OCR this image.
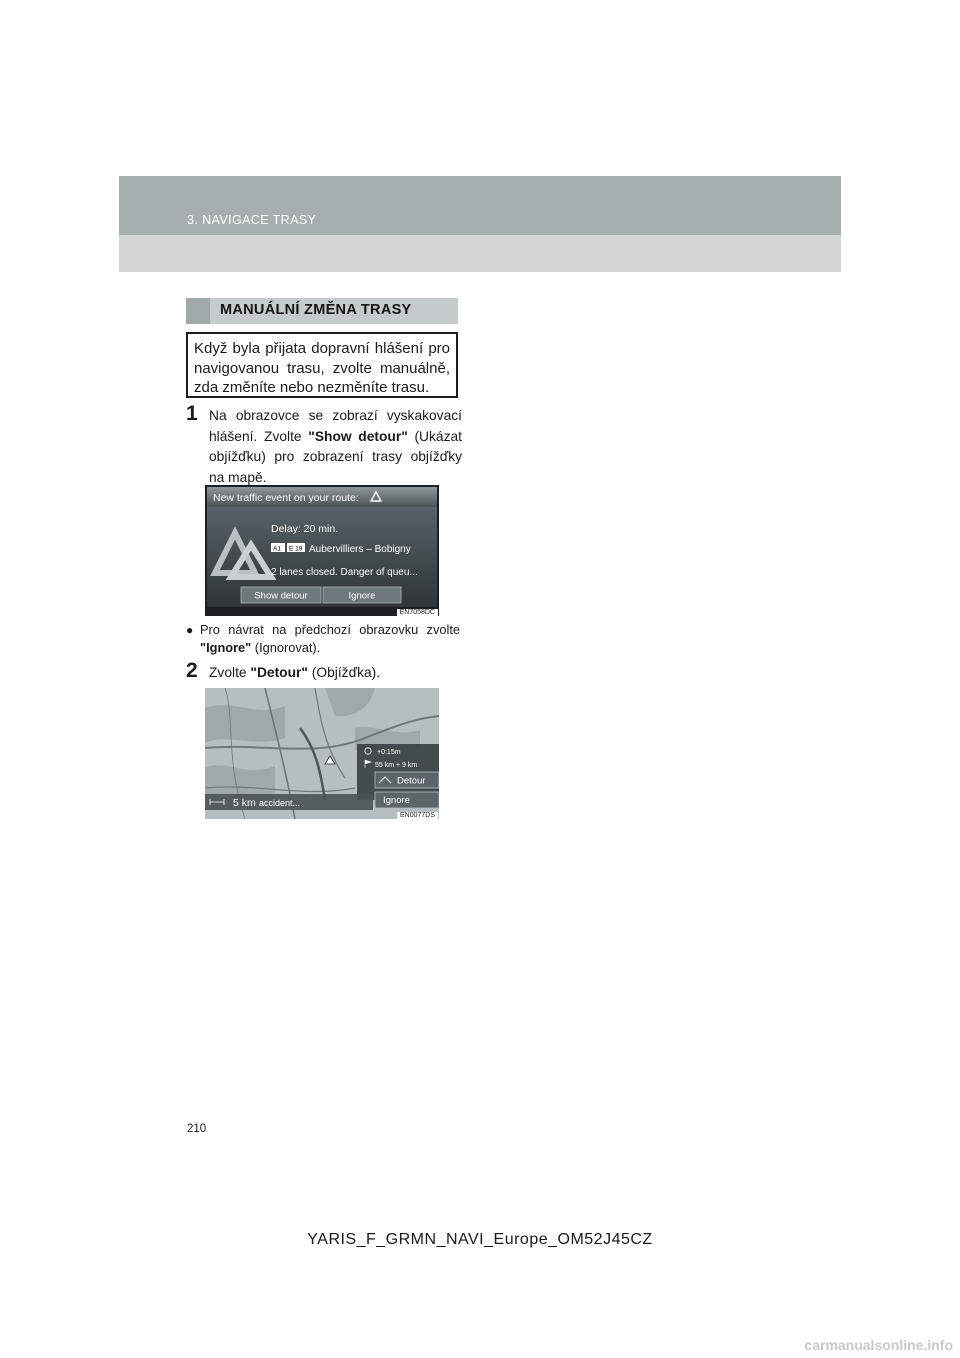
3. NAVIGACE TRASY
MANUÁLNÍ ZMĚNA TRASY

Když byla přijata dopravní hlášení pro navigovanou trasu, zvolte manuálně, zda změníte nebo nezměníte trasu.

1 Na obrazovce se zobrazí vyskakovací hlášení. Zvolte "Show detour" (Ukázat objížďku) pro zobrazení trasy objížďky na mapě.
New traffic event on your route:
Delay: 20 min.
A1 E 19 Aubervilliers – Bobigny
2 lanes closed. Danger of queu...
Show detour	Ignore
EN7058DC
● Pro návrat na předchozí obrazovku zvolte "Ignore" (Ignorovat).
2 Zvolte "Detour" (Objížďka).
+0:15m
55 km + 9 km
Detour
Ignore
5 km accident...
EN0077DS
210
YARIS_F_GRMN_NAVI_Europe_OM52J45CZ
carmanualsonline.info
